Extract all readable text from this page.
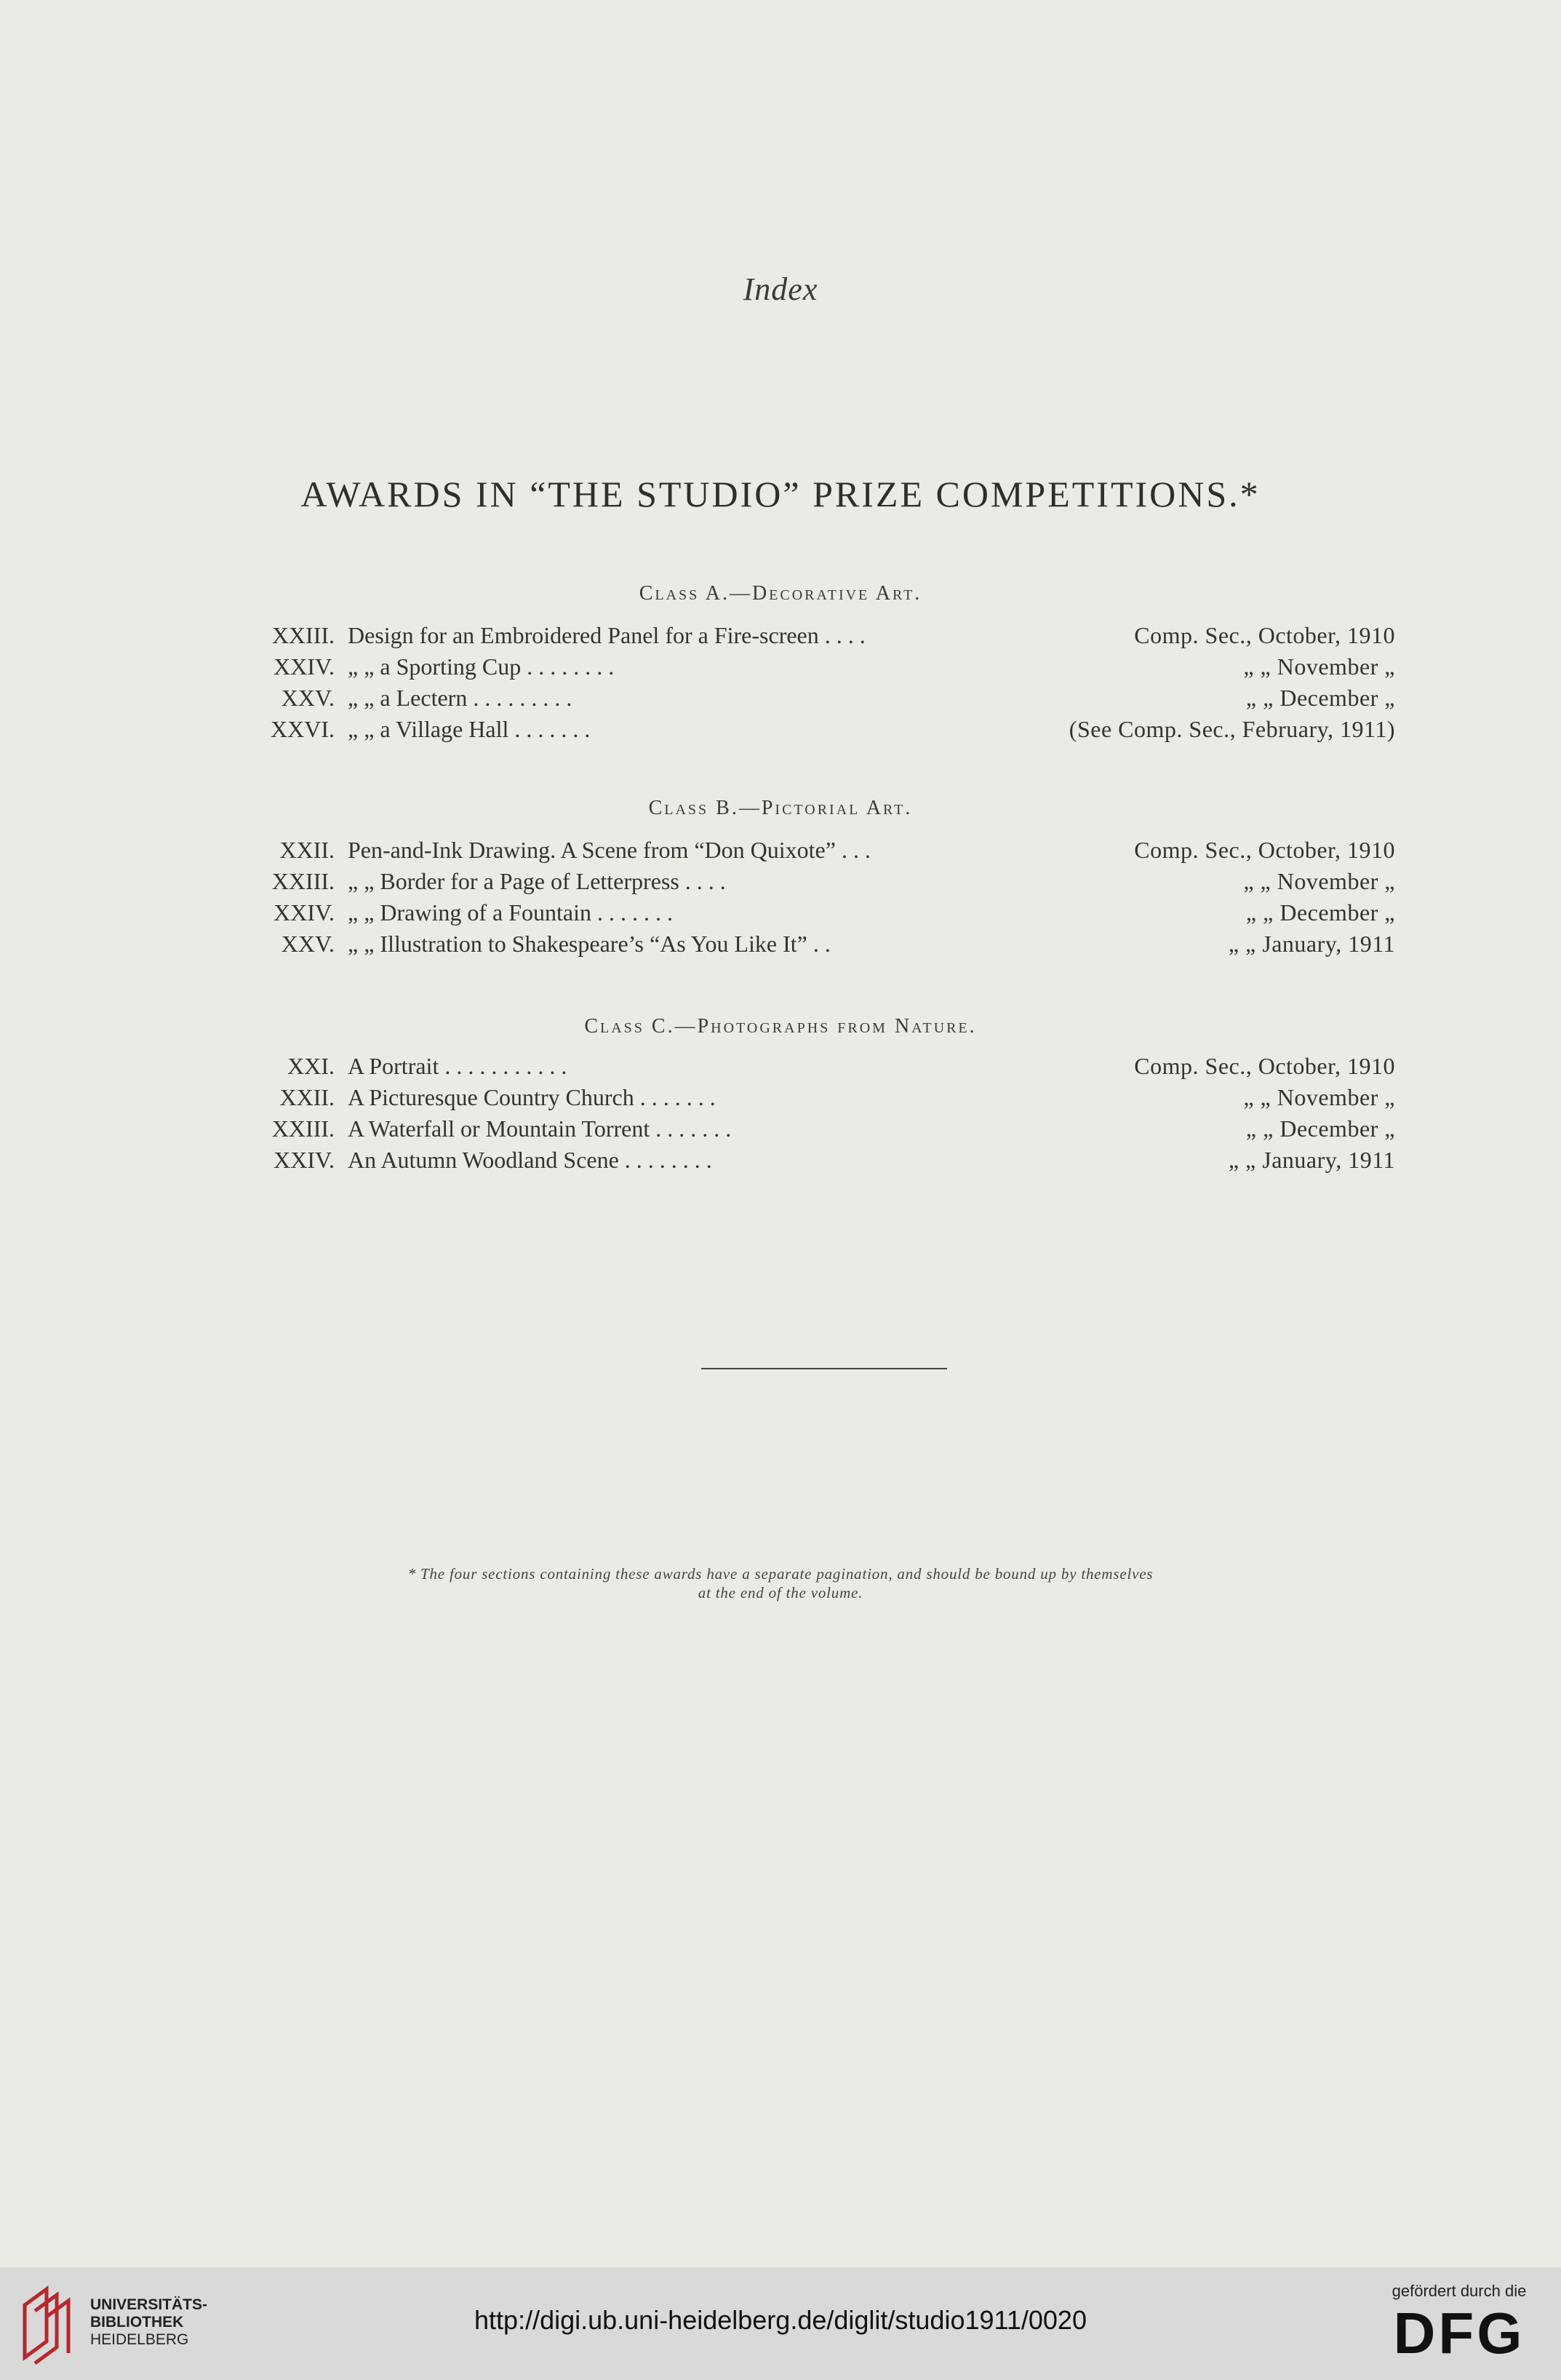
Index
AWARDS IN “THE STUDIO” PRIZE COMPETITIONS.*
Class A.—Decorative Art.
XXIII. Design for an Embroidered Panel for a Fire-screen . . . .	Comp. Sec., October, 1910
XXIV. „ „ a Sporting Cup . . . . . . . .	„ „ November „
XXV. „ „ a Lectern . . . . . . . . .	„ „ December „
XXVI. „ „ a Village Hall . . . . . . .	(See Comp. Sec., February, 1911)
Class B.—Pictorial Art.
XXII. Pen-and-Ink Drawing. A Scene from “Don Quixote” . . .	Comp. Sec., October, 1910
XXIII. „ „ Border for a Page of Letterpress . . . .	„ „ November „
XXIV. „ „ Drawing of a Fountain . . . . . . .	„ „ December „
XXV. „ „ Illustration to Shakespeare’s “As You Like It” . .	„ „ January, 1911
Class C.—Photographs from Nature.
XXI. A Portrait . . . . . . . . . . .	Comp. Sec., October, 1910
XXII. A Picturesque Country Church . . . . . . .	„ „ November „
XXIII. A Waterfall or Mountain Torrent . . . . . . .	„ „ December „
XXIV. An Autumn Woodland Scene . . . . . . . .	„ „ January, 1911
* The four sections containing these awards have a separate pagination, and should be bound up by themselves
at the end of the volume.
UNIVERSITÄTS-
BIBLIOTHEK
HEIDELBERG
http://digi.ub.uni-heidelberg.de/diglit/studio1911/0020
gefördert durch die
DFG
